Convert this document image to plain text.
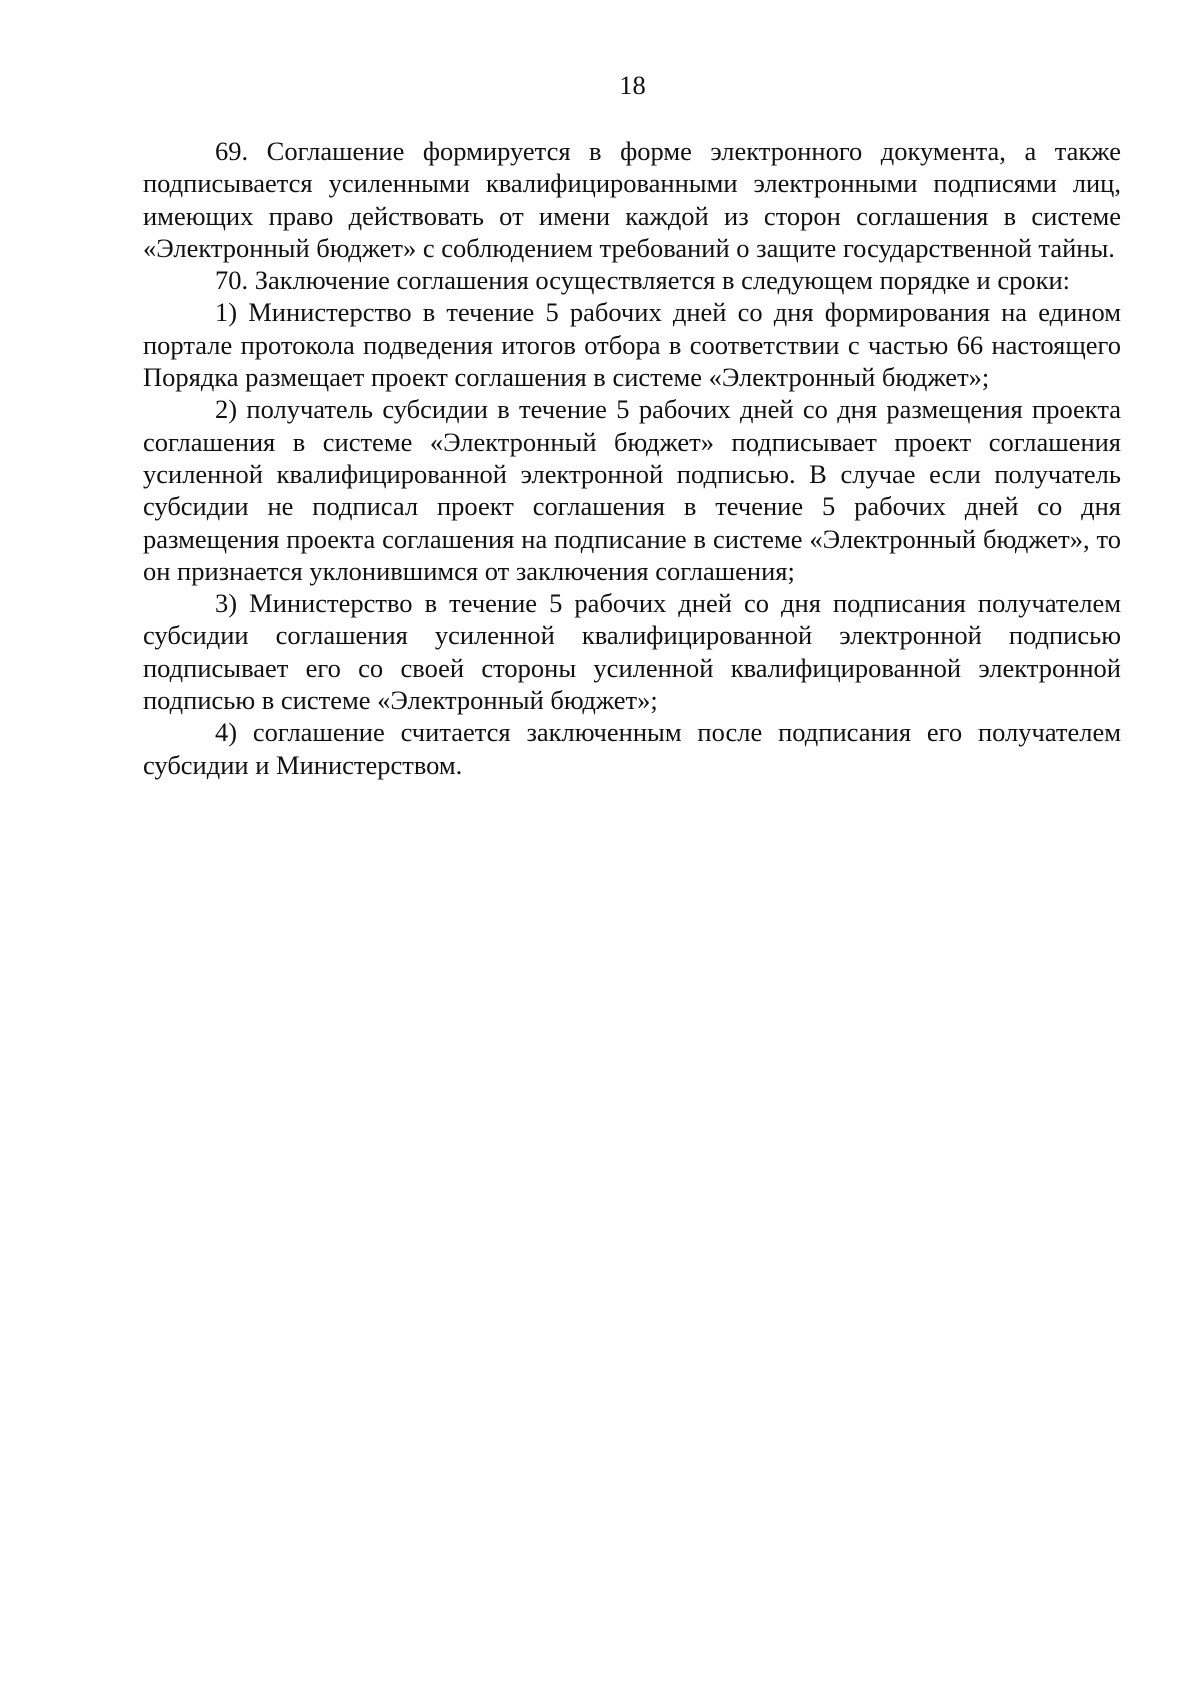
18

69. Соглашение формируется в форме электронного документа, а также подписывается усиленными квалифицированными электронными подписями лиц, имеющих право действовать от имени каждой из сторон соглашения в системе «Электронный бюджет» с соблюдением требований о защите государственной тайны.

70. Заключение соглашения осуществляется в следующем порядке и сроки:

1) Министерство в течение 5 рабочих дней со дня формирования на едином портале протокола подведения итогов отбора в соответствии с частью 66 настоящего Порядка размещает проект соглашения в системе «Электронный бюджет»;

2) получатель субсидии в течение 5 рабочих дней со дня размещения проекта соглашения в системе «Электронный бюджет» подписывает проект соглашения усиленной квалифицированной электронной подписью. В случае если получатель субсидии не подписал проект соглашения в течение 5 рабочих дней со дня размещения проекта соглашения на подписание в системе «Электронный бюджет», то он признается уклонившимся от заключения соглашения;

3) Министерство в течение 5 рабочих дней со дня подписания получателем субсидии соглашения усиленной квалифицированной электронной подписью подписывает его со своей стороны усиленной квалифицированной электронной подписью в системе «Электронный бюджет»;

4) соглашение считается заключенным после подписания его получателем субсидии и Министерством.
